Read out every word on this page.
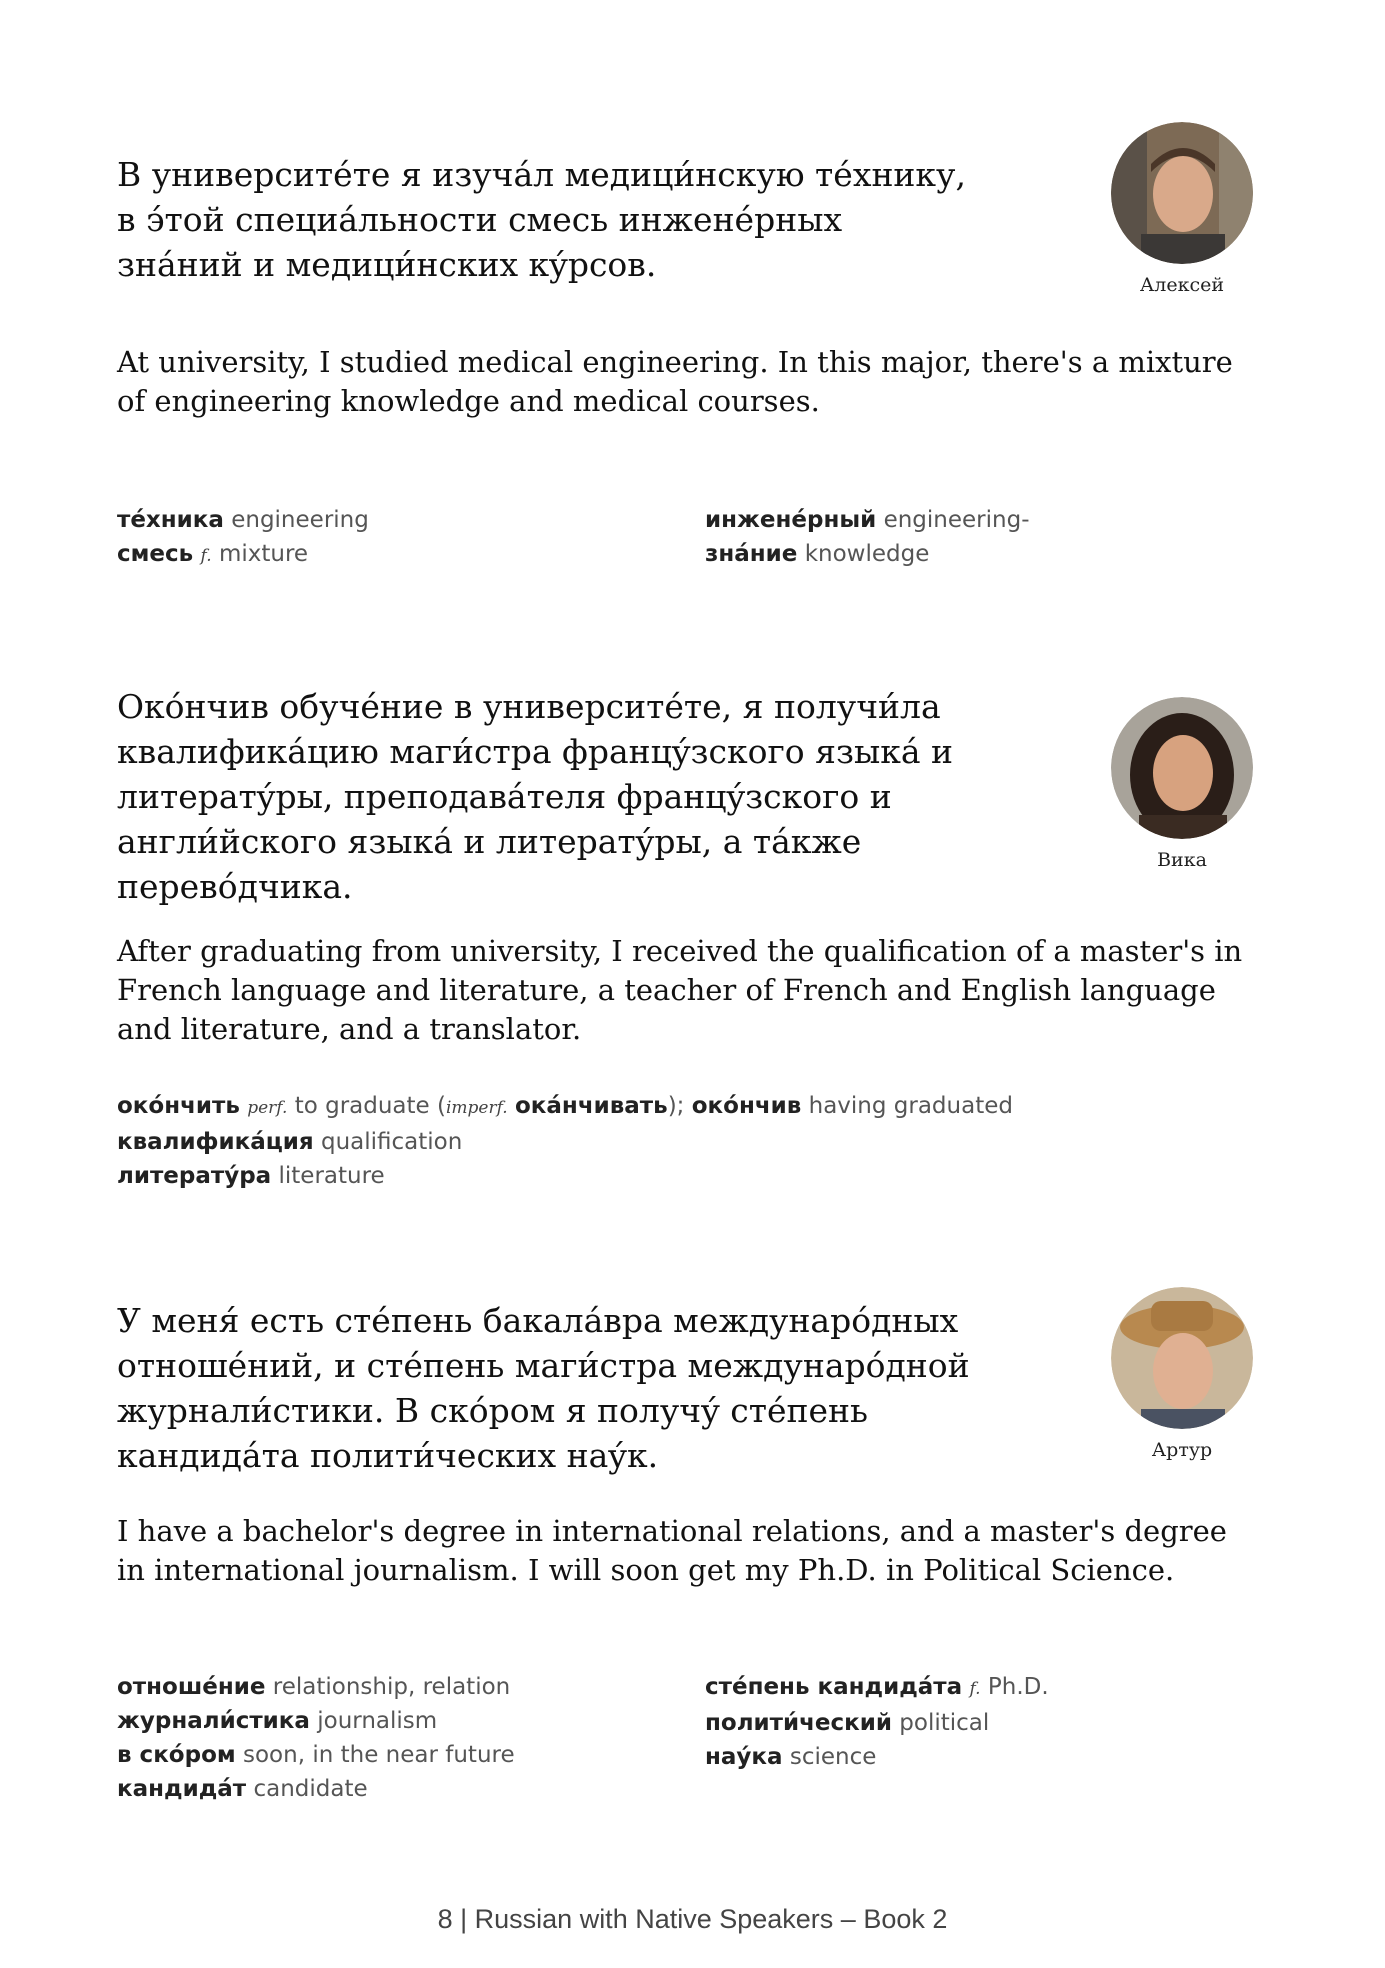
В университéте я изучáл медици́нскую тéхнику, в э́той специáльности смесь инженéрных знáний и медици́нских кýрсов.

Алексей

At university, I studied medical engineering. In this major, there's a mixture of engineering knowledge and medical courses.

тéхника engineering
смесь f. mixture
инженéрный engineering-
знáние knowledge

Окóнчив обучéние в университéте, я получи́ла квалификáцию маги́стра францýзского языкá и литератýры, преподавáтеля францýзского и англи́йского языкá и литератýры, а тáкже перевóдчика.

Вика

After graduating from university, I received the qualification of a master's in French language and literature, a teacher of French and English language and literature, and a translator.

окóнчить perf. to graduate (imperf. окáнчивать); окóнчив having graduated
квалификáция qualification
литератýра literature

У меня́ есть стéпень бакалáвра междунарóдных отношéний, и стéпень маги́стра междунарóдной журнали́стики. В скóром я получý стéпень кандидáта полити́ческих наýк.	Артур

I have a bachelor's degree in international relations, and a master's degree in international journalism. I will soon get my Ph.D. in Political Science.

отношéние relationship, relation
журнали́стика journalism
в скóром soon, in the near future
кандидáт candidate
стéпень кандидáта f. Ph.D.
полити́ческий political
наýка science
8 | Russian with Native Speakers – Book 2
